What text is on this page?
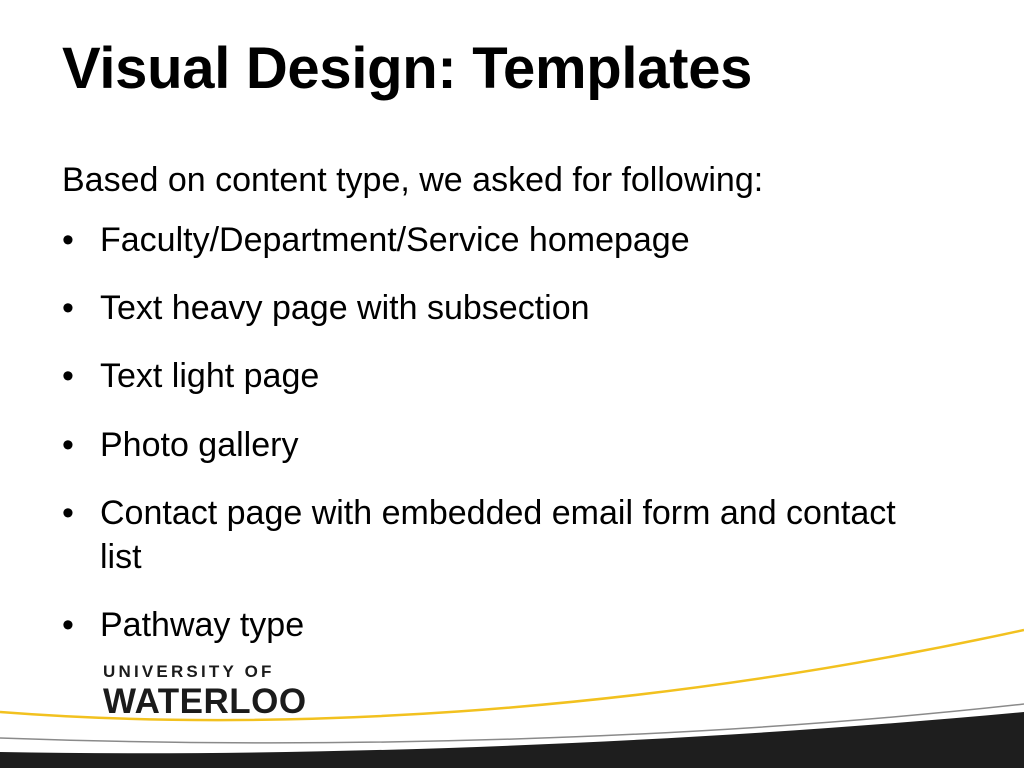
Visual Design: Templates

Based on content type, we asked for following:

• Faculty/Department/Service homepage
• Text heavy page with subsection
• Text light page
• Photo gallery
• Contact page with embedded email form and contact list
• Pathway type
UNIVERSITY OF
WATERLOO
